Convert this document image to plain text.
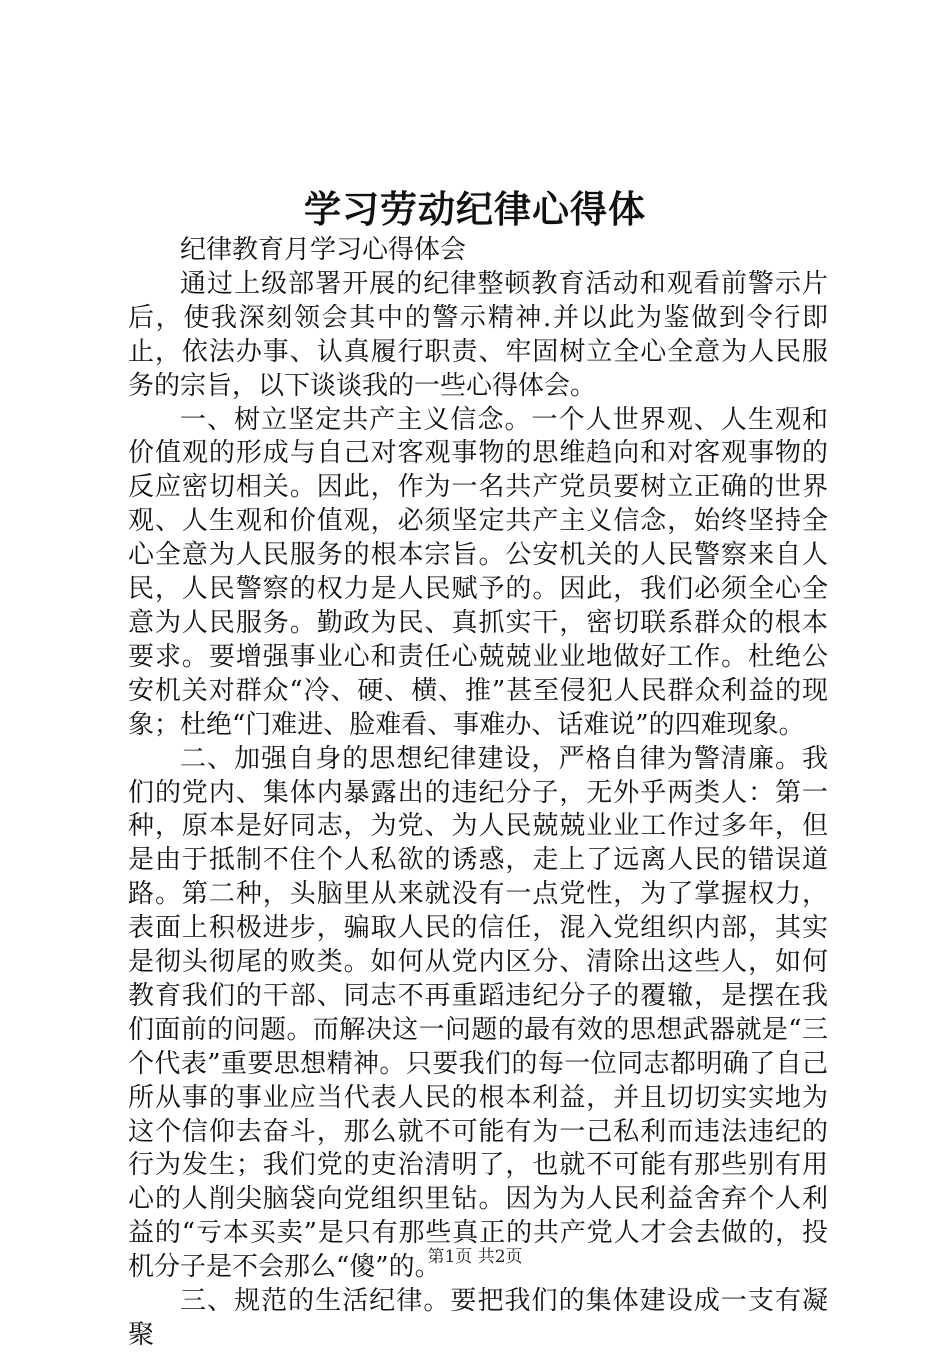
学习劳动纪律心得体

纪律教育月学习心得体会

通过上级部署开展的纪律整顿教育活动和观看前警示片后，使我深刻领会其中的警示精神.并以此为鉴做到令行即止，依法办事、认真履行职责、牢固树立全心全意为人民服务的宗旨，以下谈谈我的一些心得体会。

一、树立坚定共产主义信念。一个人世界观、人生观和价值观的形成与自己对客观事物的思维趋向和对客观事物的反应密切相关。因此，作为一名共产党员要树立正确的世界观、人生观和价值观，必须坚定共产主义信念，始终坚持全心全意为人民服务的根本宗旨。公安机关的人民警察来自人民，人民警察的权力是人民赋予的。因此，我们必须全心全意为人民服务。勤政为民、真抓实干，密切联系群众的根本要求。要增强事业心和责任心兢兢业业地做好工作。杜绝公安机关对群众“冷、硬、横、推”甚至侵犯人民群众利益的现象；杜绝“门难进、脸难看、事难办、话难说”的四难现象。

二、加强自身的思想纪律建设，严格自律为警清廉。我们的党内、集体内暴露出的违纪分子，无外乎两类人：第一种，原本是好同志，为党、为人民兢兢业业工作过多年，但是由于抵制不住个人私欲的诱惑，走上了远离人民的错误道路。第二种，头脑里从来就没有一点党性，为了掌握权力，表面上积极进步，骗取人民的信任，混入党组织内部，其实是彻头彻尾的败类。如何从党内区分、清除出这些人，如何教育我们的干部、同志不再重蹈违纪分子的覆辙，是摆在我们面前的问题。而解决这一问题的最有效的思想武器就是“三个代表”重要思想精神。只要我们的每一位同志都明确了自己所从事的事业应当代表人民的根本利益，并且切切实实地为这个信仰去奋斗，那么就不可能有为一己私利而违法违纪的行为发生；我们党的吏治清明了，也就不可能有那些别有用心的人削尖脑袋向党组织里钻。因为为人民利益舍弃个人利益的“亏本买卖”是只有那些真正的共产党人才会去做的，投机分子是不会那么“傻”的。

三、规范的生活纪律。要把我们的集体建设成一支有凝聚

第1页 共2页
